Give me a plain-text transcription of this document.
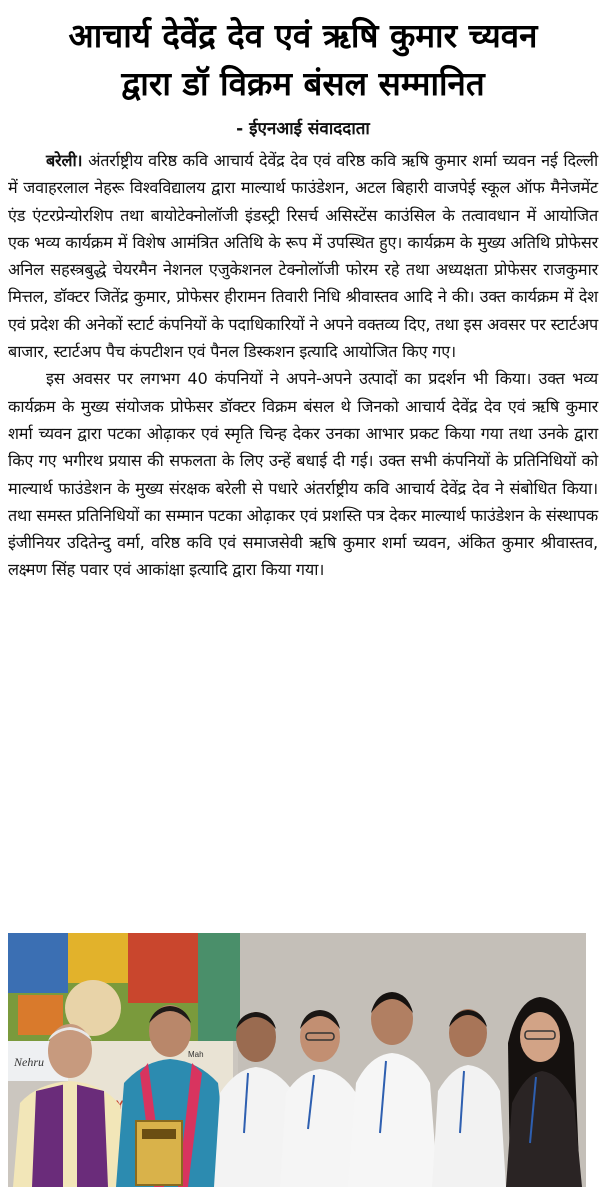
आचार्य देवेंद्र देव एवं ऋषि कुमार च्यवन
द्वारा डॉ विक्रम बंसल सम्मानित
- ईएनआई संवाददाता

बरेली। अंतर्राष्ट्रीय वरिष्ठ कवि आचार्य देवेंद्र देव एवं वरिष्ठ कवि ऋषि कुमार शर्मा च्यवन नई दिल्ली में जवाहरलाल नेहरू विश्वविद्यालय द्वारा माल्यार्थ फाउंडेशन, अटल बिहारी वाजपेई स्कूल ऑफ मैनेजमेंट एंड एंटरप्रेन्योरशिप तथा बायोटेक्नोलॉजी इंडस्ट्री रिसर्च असिस्टेंस काउंसिल के तत्वावधान में आयोजित एक भव्य कार्यक्रम में विशेष आमंत्रित अतिथि के रूप में उपस्थित हुए। कार्यक्रम के मुख्य अतिथि प्रोफेसर अनिल सहस्त्रबुद्धे चेयरमैन नेशनल एजुकेशनल टेक्नोलॉजी फोरम रहे तथा अध्यक्षता प्रोफेसर राजकुमार मित्तल, डॉक्टर जितेंद्र कुमार, प्रोफेसर हीरामन तिवारी निधि श्रीवास्तव आदि ने की। उक्त कार्यक्रम में देश एवं प्रदेश की अनेकों स्टार्ट कंपनियों के पदाधिकारियों ने अपने वक्तव्य दिए, तथा इस अवसर पर स्टार्टअप बाजार, स्टार्टअप पैच कंपटीशन एवं पैनल डिस्कशन इत्यादि आयोजित किए गए।

इस अवसर पर लगभग 40 कंपनियों ने अपने-अपने उत्पादों का प्रदर्शन भी किया। उक्त भव्य कार्यक्रम के मुख्य संयोजक प्रोफेसर डॉक्टर विक्रम बंसल थे जिनको आचार्य देवेंद्र देव एवं ऋषि कुमार शर्मा च्यवन द्वारा पटका ओढ़ाकर एवं स्मृति चिन्ह देकर उनका आभार प्रकट किया गया तथा उनके द्वारा किए गए भगीरथ प्रयास की सफलता के लिए उन्हें बधाई दी गई। उक्त सभी कंपनियों के प्रतिनिधियों को माल्यार्थ फाउंडेशन के मुख्य संरक्षक बरेली से पधारे अंतर्राष्ट्रीय कवि आचार्य देवेंद्र देव ने संबोधित किया। तथा समस्त प्रतिनिधियों का सम्मान पटका ओढ़ाकर एवं प्रशस्ति पत्र देकर माल्यार्थ फाउंडेशन के संस्थापक इंजीनियर उदितेन्दु वर्मा, वरिष्ठ कवि एवं समाजसेवी ऋषि कुमार शर्मा च्यवन, अंकित कुमार श्रीवास्तव, लक्ष्मण सिंह पवार एवं आकांक्षा इत्यादि द्वारा किया गया।

Nehru
Mah
